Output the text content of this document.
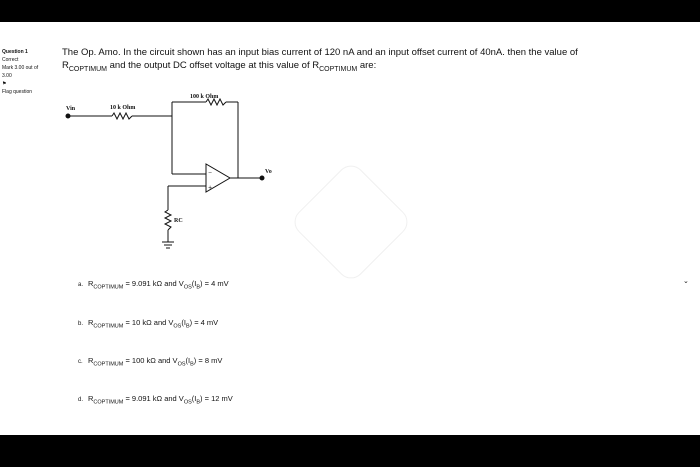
Question 1
Correct
Mark 3.00 out of
3.00
⚑
Flag question
The Op. Amo. In the circuit shown has an input bias current of 120 nA and an input offset current of 40nA. then the value of
$R_{COPTIMUM}$ and the output DC offset voltage at this value of $R_{COPTIMUM}$ are:
Vin	10 k Ohm
100 k Ohm
Vo
RC
−
+
a. $R_{COPTIMUM} = 9.091$ kΩ and $V_{OS}(I_B) = 4$ mV
b. $R_{COPTIMUM} = 10$ kΩ and $V_{OS}(I_B) = 4$ mV
c. $R_{COPTIMUM} = 100$ kΩ and $V_{OS}(I_B) = 8$ mV
d. $R_{COPTIMUM} = 9.091$ kΩ and $V_{OS}(I_B) = 12$ mV
⌄
